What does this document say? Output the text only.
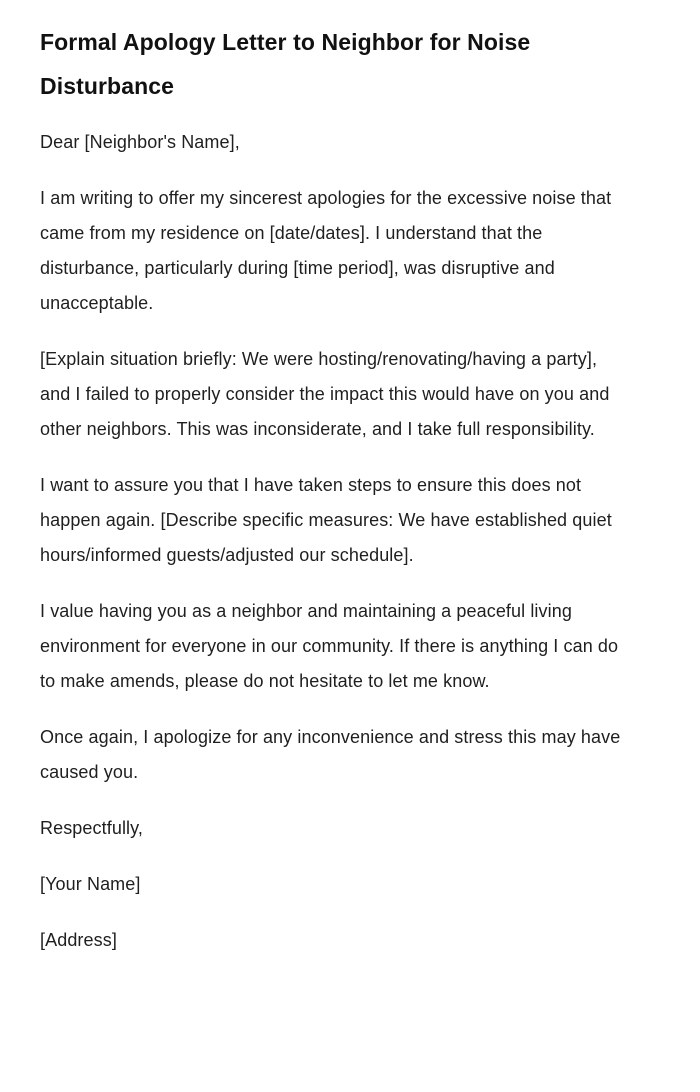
Formal Apology Letter to Neighbor for Noise Disturbance

Dear [Neighbor's Name],

I am writing to offer my sincerest apologies for the excessive noise that came from my residence on [date/dates]. I understand that the disturbance, particularly during [time period], was disruptive and unacceptable.

[Explain situation briefly: We were hosting/renovating/having a party], and I failed to properly consider the impact this would have on you and other neighbors. This was inconsiderate, and I take full responsibility.

I want to assure you that I have taken steps to ensure this does not happen again. [Describe specific measures: We have established quiet hours/informed guests/adjusted our schedule].

I value having you as a neighbor and maintaining a peaceful living environment for everyone in our community. If there is anything I can do to make amends, please do not hesitate to let me know.

Once again, I apologize for any inconvenience and stress this may have caused you.

Respectfully,

[Your Name]

[Address]
